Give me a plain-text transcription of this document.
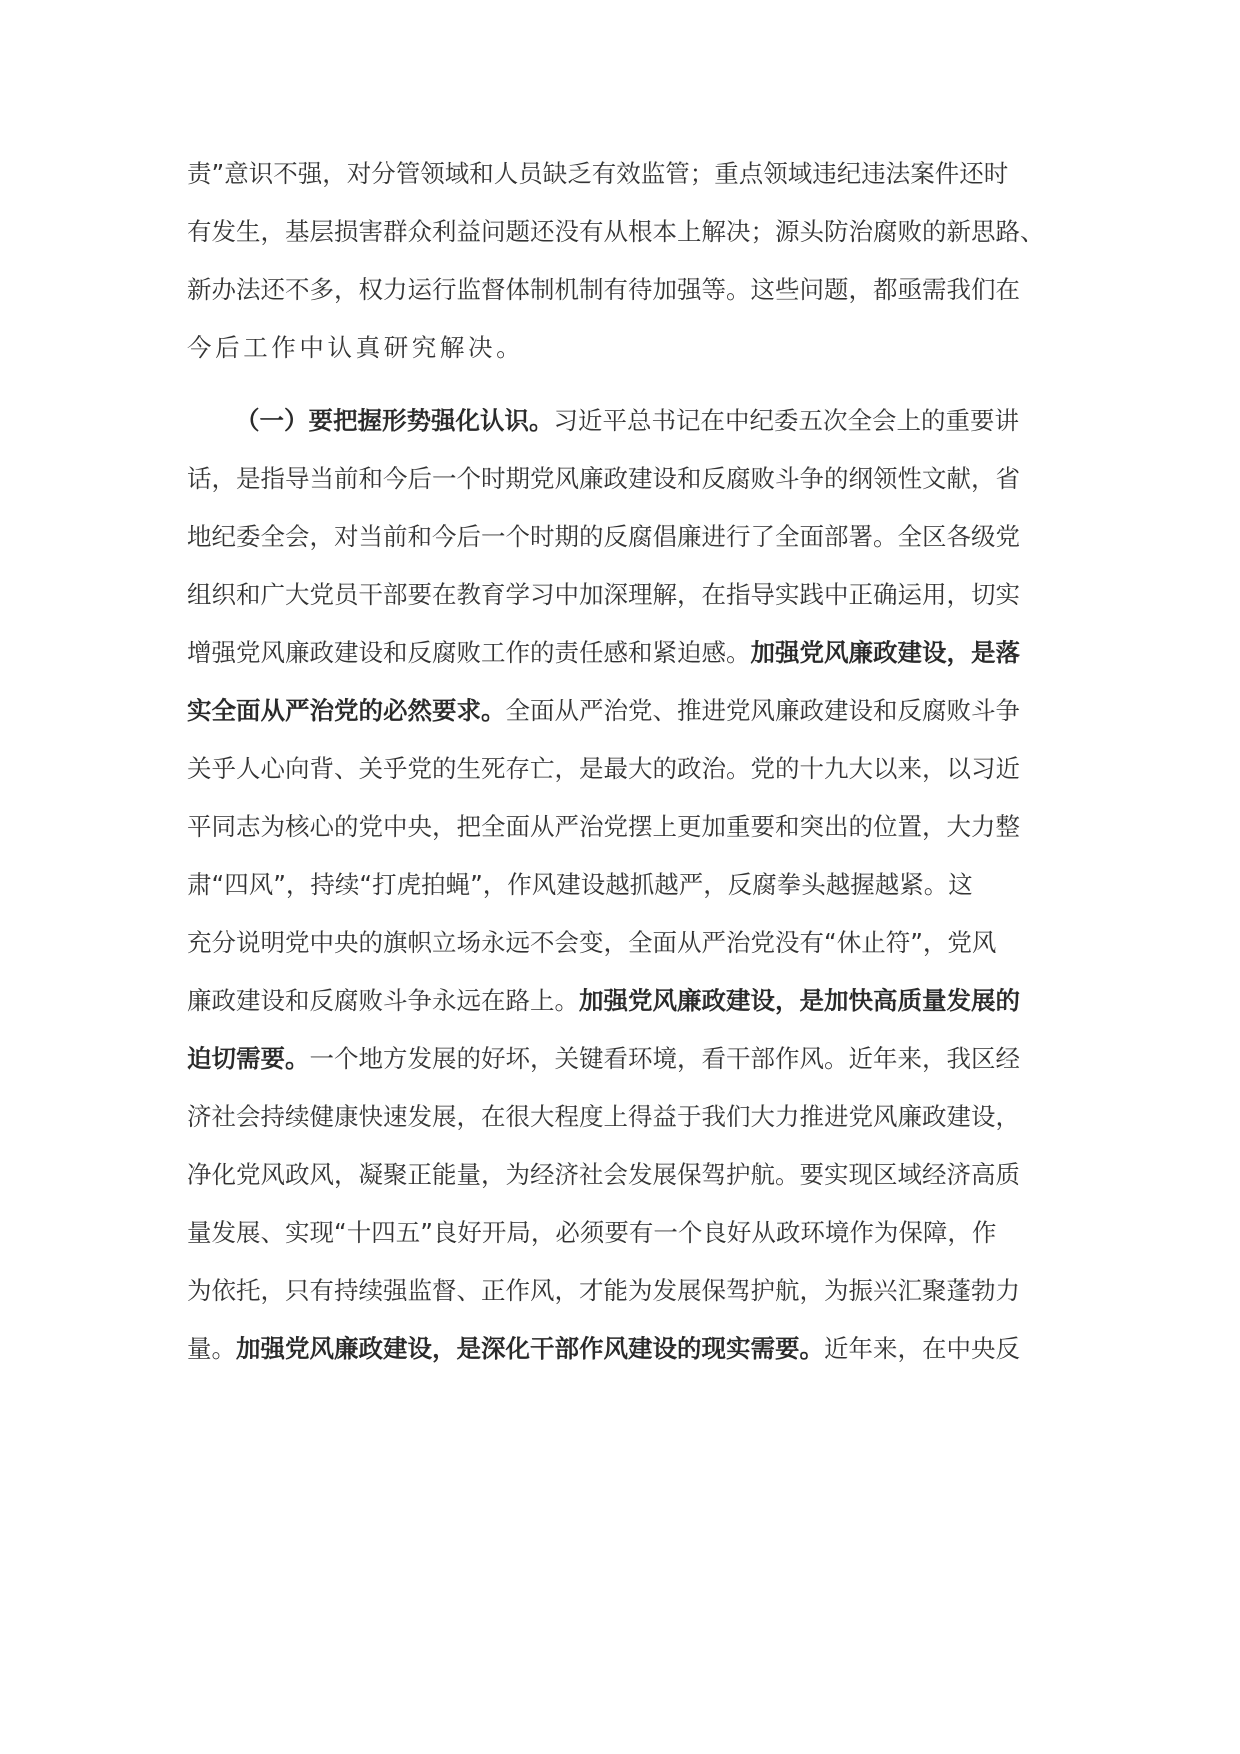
责”意识不强，对分管领域和人员缺乏有效监管；重点领域违纪违法案件还时
有发生，基层损害群众利益问题还没有从根本上解决；源头防治腐败的新思路、
新办法还不多，权力运行监督体制机制有待加强等。这些问题，都亟需我们在
今后工作中认真研究解决。
（一）要把握形势强化认识。习近平总书记在中纪委五次全会上的重要讲
话，是指导当前和今后一个时期党风廉政建设和反腐败斗争的纲领性文献，省
地纪委全会，对当前和今后一个时期的反腐倡廉进行了全面部署。全区各级党
组织和广大党员干部要在教育学习中加深理解，在指导实践中正确运用，切实
增强党风廉政建设和反腐败工作的责任感和紧迫感。加强党风廉政建设，是落
实全面从严治党的必然要求。全面从严治党、推进党风廉政建设和反腐败斗争
关乎人心向背、关乎党的生死存亡，是最大的政治。党的十九大以来，以习近
平同志为核心的党中央，把全面从严治党摆上更加重要和突出的位置，大力整
肃“四风”，持续“打虎拍蝇”，作风建设越抓越严，反腐拳头越握越紧。这
充分说明党中央的旗帜立场永远不会变，全面从严治党没有“休止符”，党风
廉政建设和反腐败斗争永远在路上。加强党风廉政建设，是加快高质量发展的
迫切需要。一个地方发展的好坏，关键看环境，看干部作风。近年来，我区经
济社会持续健康快速发展，在很大程度上得益于我们大力推进党风廉政建设，
净化党风政风，凝聚正能量，为经济社会发展保驾护航。要实现区域经济高质
量发展、实现“十四五”良好开局，必须要有一个良好从政环境作为保障，作
为依托，只有持续强监督、正作风，才能为发展保驾护航，为振兴汇聚蓬勃力
量。加强党风廉政建设，是深化干部作风建设的现实需要。近年来，在中央反
